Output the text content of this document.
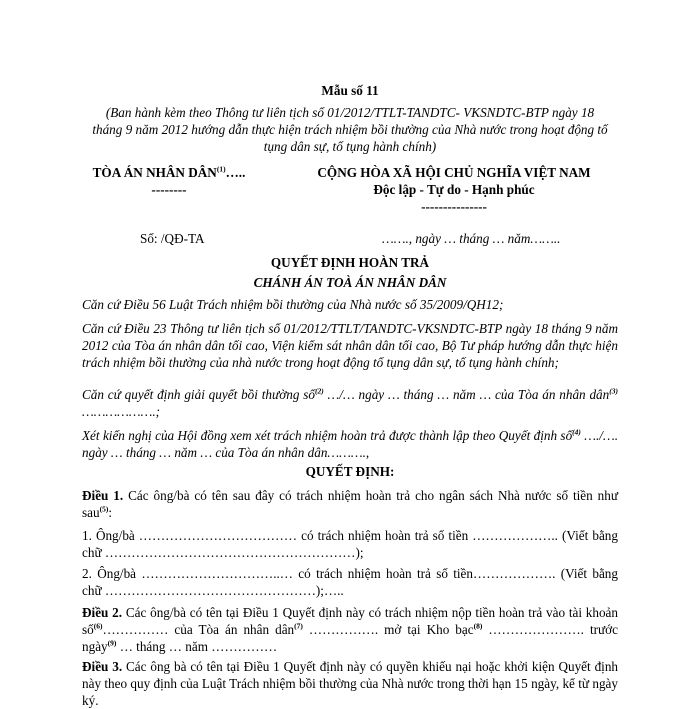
Mẫu số 11

(Ban hành kèm theo Thông tư liên tịch số 01/2012/TTLT-TANDTC- VKSNDTC-BTP ngày 18 tháng 9 năm 2012 hướng dẫn thực hiện trách nhiệm bồi thường của Nhà nước trong hoạt động tố tụng dân sự, tố tụng hành chính)

TÒA ÁN NHÂN DÂN$^{(1)}$…..

--------

CỘNG HÒA XÃ HỘI CHỦ NGHĨA VIỆT NAM

Độc lập - Tự do - Hạnh phúc

---------------

Số: /QĐ-TA	……., ngày … tháng … năm……..

QUYẾT ĐỊNH HOÀN TRẢ

CHÁNH ÁN TOÀ ÁN NHÂN DÂN

Căn cứ Điều 56 Luật Trách nhiệm bồi thường của Nhà nước số 35/2009/QH12;

Căn cứ Điều 23 Thông tư liên tịch số 01/2012/TTLT/TANDTC-VKSNDTC-BTP ngày 18 tháng 9 năm 2012 của Tòa án nhân dân tối cao, Viện kiểm sát nhân dân tối cao, Bộ Tư pháp hướng dẫn thực hiện trách nhiệm bồi thường của nhà nước trong hoạt động tố tụng dân sự, tố tụng hành chính;

Căn cứ quyết định giải quyết bồi thường số$^{(2)}$ …/… ngày … tháng … năm … của Tòa án nhân dân$^{(3)}$ ……………….;

Xét kiến nghị của Hội đồng xem xét trách nhiệm hoàn trả được thành lập theo Quyết định số$^{(4)}$ …./…. ngày … tháng … năm … của Tòa án nhân dân……….,

QUYẾT ĐỊNH:

Điều 1. Các ông/bà có tên sau đây có trách nhiệm hoàn trả cho ngân sách Nhà nước số tiền như sau$^{(5)}$:

1. Ông/bà ……………………………… có trách nhiệm hoàn trả số tiền ……………….. (Viết bằng chữ …………………………………………………);

2. Ông/bà …………………………..… có trách nhiệm hoàn trả số tiền………………. (Viết bằng chữ …………………………………………);…..

Điều 2. Các ông/bà có tên tại Điều 1 Quyết định này có trách nhiệm nộp tiền hoàn trả vào tài khoản số$^{(6)}$…………… của Tòa án nhân dân$^{(7)}$ ……………. mở tại Kho bạc$^{(8)}$ …………………. trước ngày$^{(9)}$ … tháng … năm ……………

Điều 3. Các ông bà có tên tại Điều 1 Quyết định này có quyền khiếu nại hoặc khởi kiện Quyết định này theo quy định của Luật Trách nhiệm bồi thường của Nhà nước trong thời hạn 15 ngày, kể từ ngày ký.
